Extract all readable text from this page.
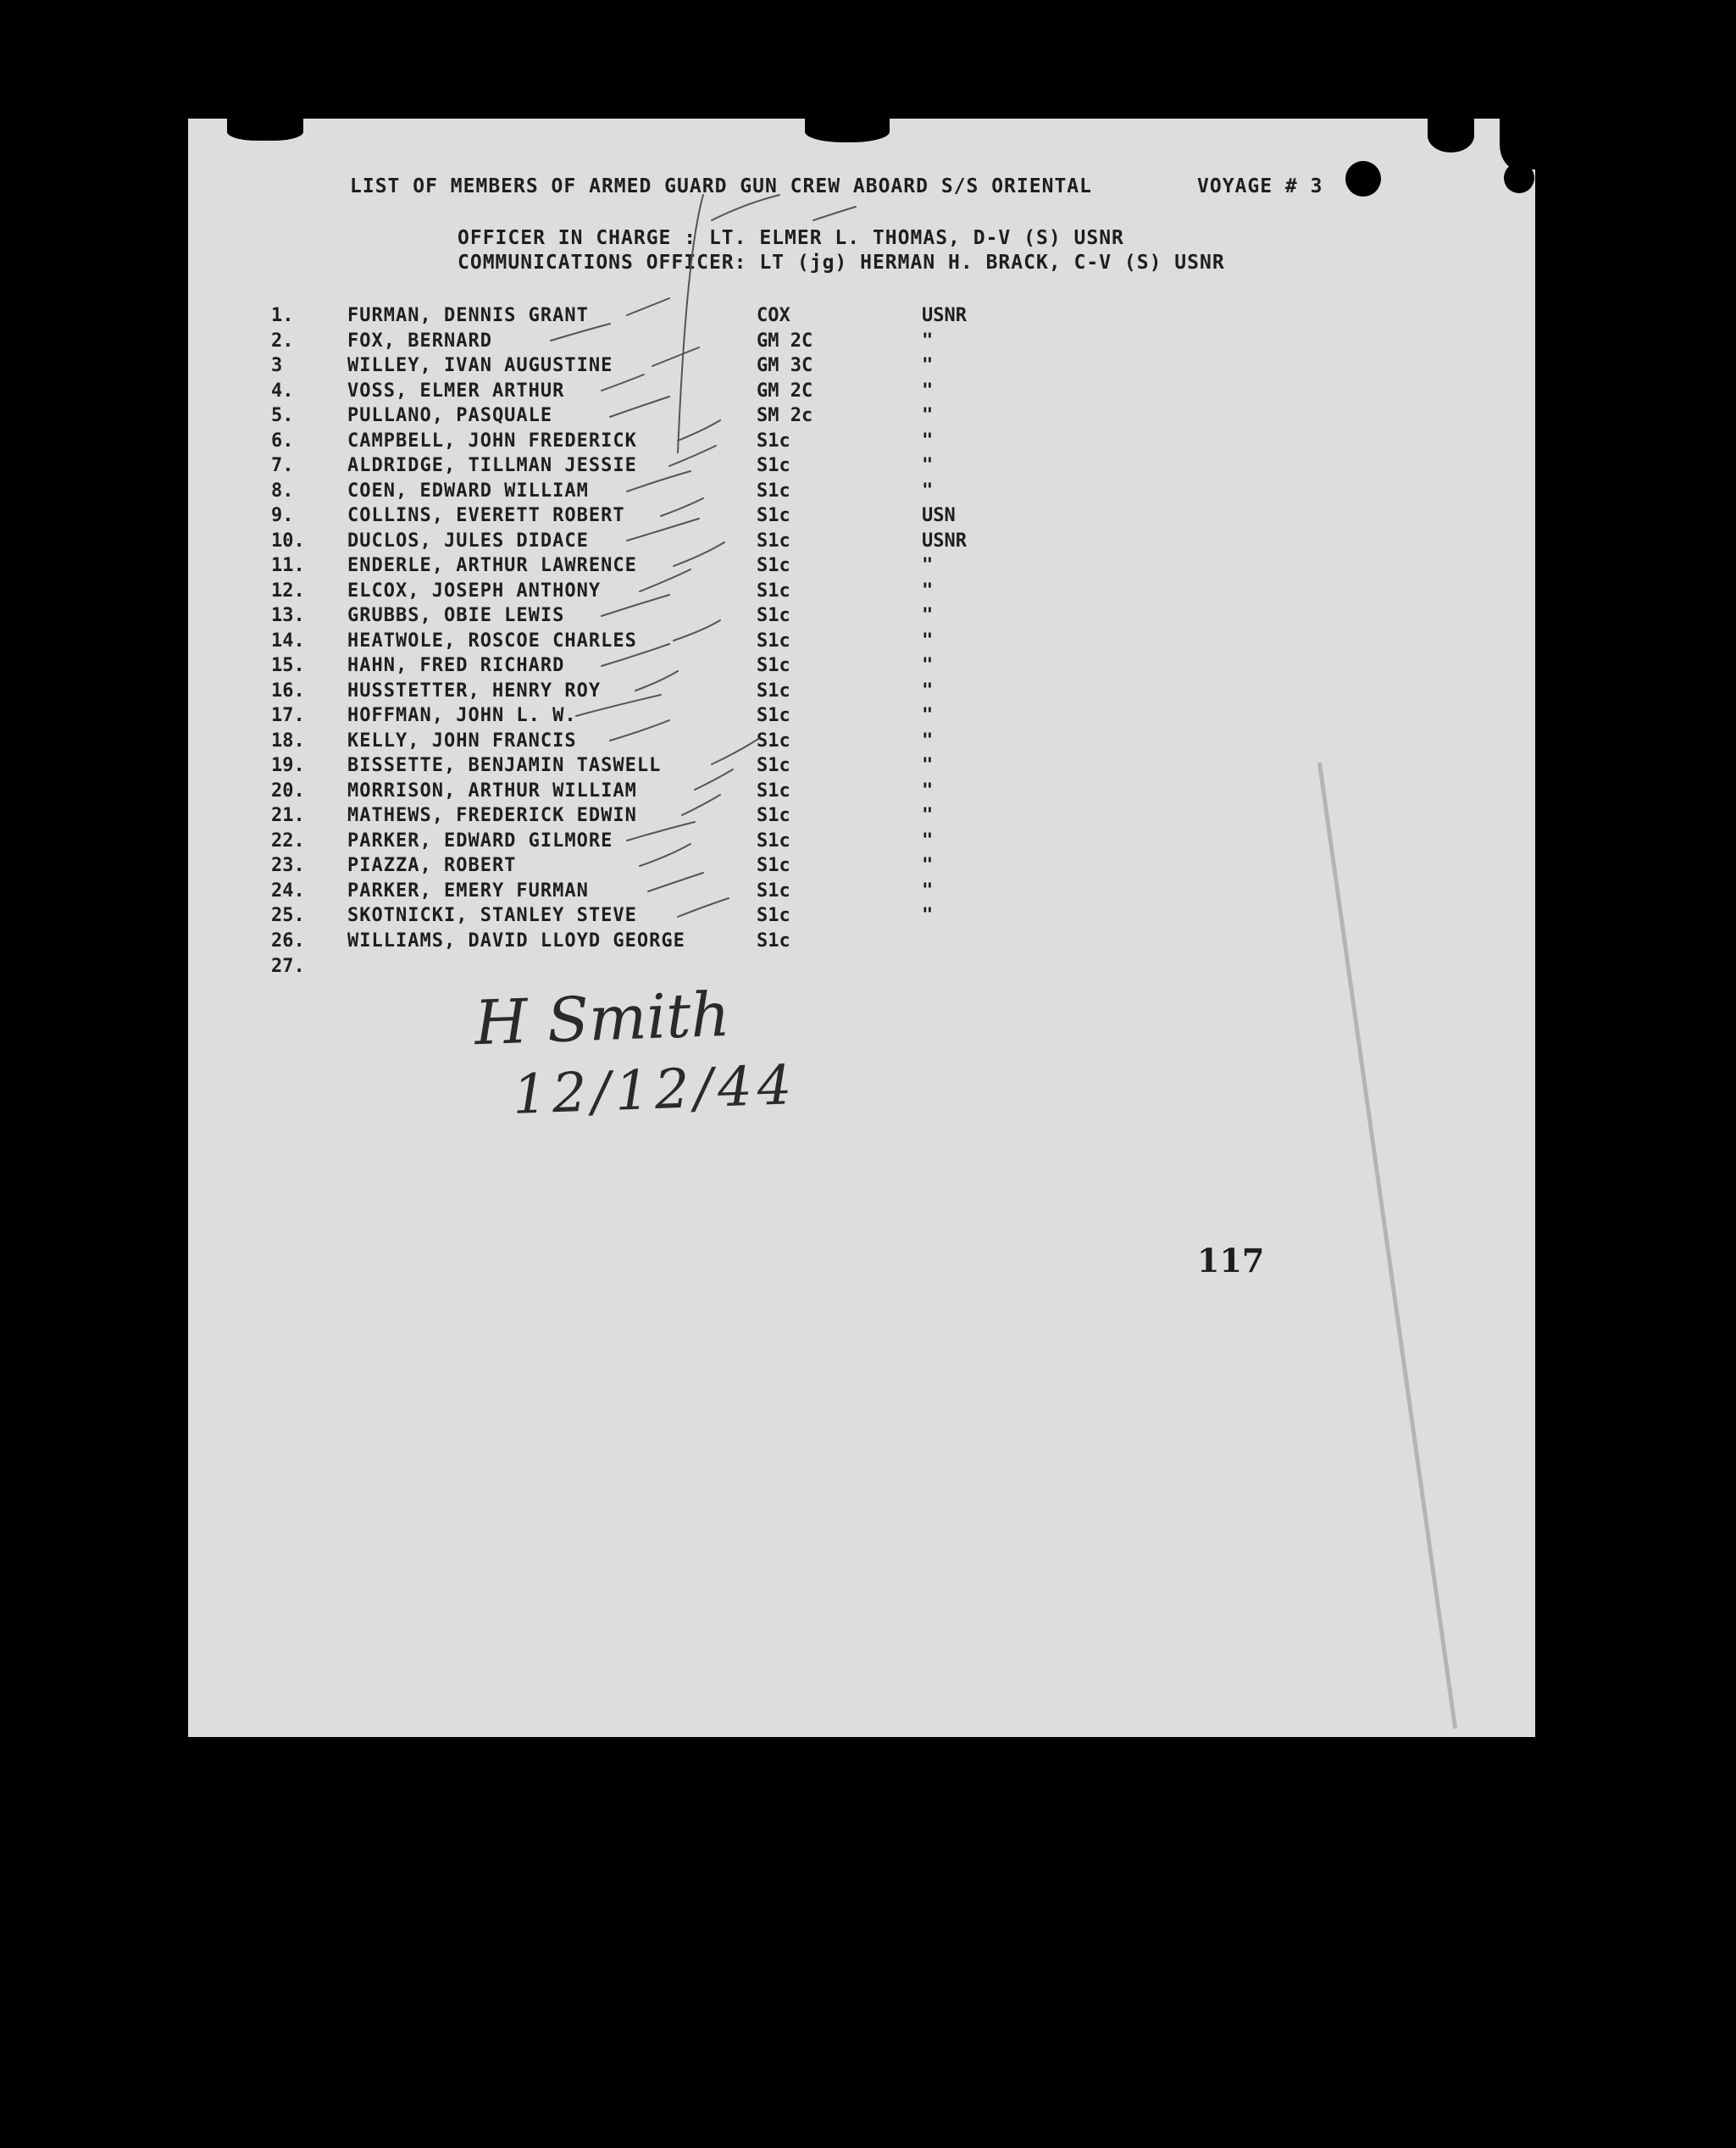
LIST OF MEMBERS OF ARMED GUARD GUN CREW ABOARD S/S ORIENTAL	VOYAGE # 3
OFFICER IN CHARGE : LT. ELMER L. THOMAS, D-V (S) USNR
COMMUNICATIONS OFFICER: LT (jg) HERMAN H. BRACK, C-V (S) USNR
1.	FURMAN, DENNIS GRANT	COX	USNR
2.	FOX, BERNARD	GM 2C	"
3	WILLEY, IVAN AUGUSTINE	GM 3C	"
4.	VOSS, ELMER ARTHUR	GM 2C	"
5.	PULLANO, PASQUALE	SM 2c	"
6.	CAMPBELL, JOHN FREDERICK	S1c	"
7.	ALDRIDGE, TILLMAN JESSIE	S1c	"
8.	COEN, EDWARD WILLIAM	S1c	"
9.	COLLINS, EVERETT ROBERT	S1c	USN
10. DUCLOS, JULES DIDACE	S1c	USNR
11. ENDERLE, ARTHUR LAWRENCE	S1c	"
12. ELCOX, JOSEPH ANTHONY	S1c	"
13. GRUBBS, OBIE LEWIS	S1c	"
14. HEATWOLE, ROSCOE CHARLES	S1c	"
15. HAHN, FRED RICHARD	S1c	"
16. HUSSTETTER, HENRY ROY	S1c	"
17. HOFFMAN, JOHN L. W.	S1c	"
18. KELLY, JOHN FRANCIS	S1c	"
19. BISSETTE, BENJAMIN TASWELL	S1c	"
20. MORRISON, ARTHUR WILLIAM	S1c	"
21. MATHEWS, FREDERICK EDWIN	S1c	"
22. PARKER, EDWARD GILMORE	S1c	"
23. PIAZZA, ROBERT	S1c	"
24. PARKER, EMERY FURMAN	S1c	"
25. SKOTNICKI, STANLEY STEVE	S1c	"
26. WILLIAMS, DAVID LLOYD GEORGE	S1c
27.
H Smith
12/12/44
117
